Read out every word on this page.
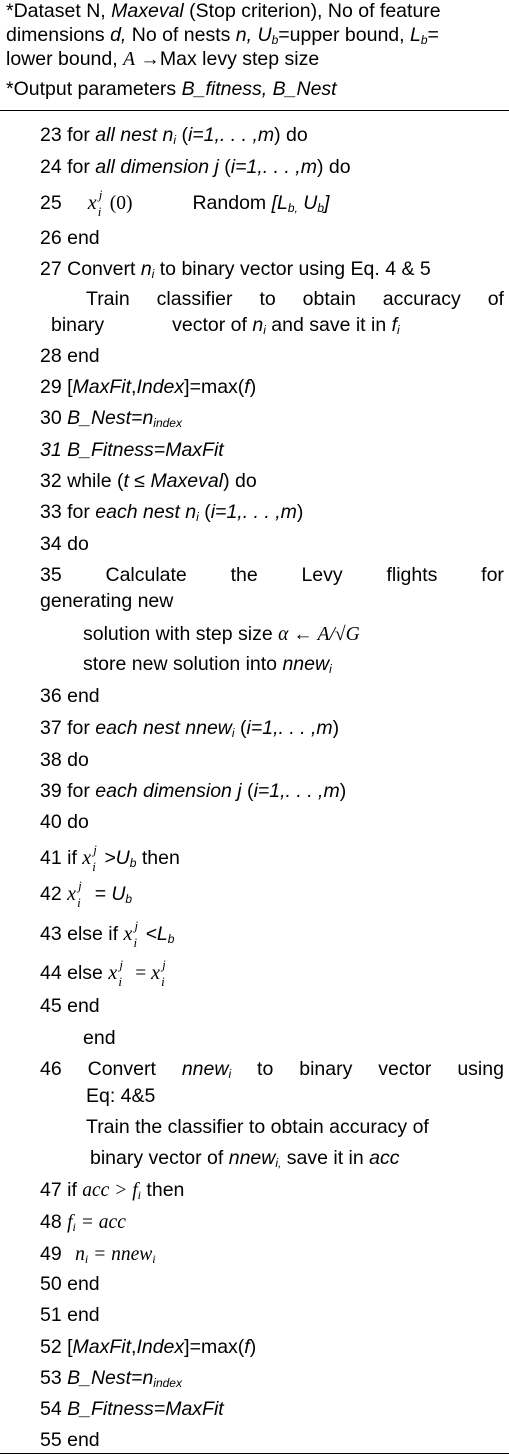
*Dataset N, Maxeval (Stop criterion), No of feature
dimensions d, No of nests n, $U_b=upper$ bound, $L_b=$
lower bound, A →Max levy step size
*Output parameters B_fitness, B_Nest
23 for all nest $n_i$ (i=1,. . . ,m) do
24 for all dimension j (i=1,. . . ,m) do
25 x j
i (0)	Random [$L_{b,}$ $U_b$]
26 end
27 Convert $n_i$ to binary vector using Eq. 4 & 5
Train classifier to obtain accuracy of
binary	vector of $n_i$ and save it in $f_i$
28 end
29 [MaxFit,Index]=max(f)
30 $B\_Nest=n_{index}$
31 B_Fitness=MaxFit
32 while (t ≤ Maxeval) do
33 for each nest $n_i$ (i=1,. . . ,m)
34 do
35 Calculate the Levy flights for
generating new
solution with step size α ← A/√G
store new solution into nnew$_i$
36 end
37 for each nest nnew$_i$ (i=1,. . . ,m)
38 do
39 for each dimension j (i=1,. . . ,m)
40 do
41 if x j
$i >U_b$ then
42 x j
$i = U_b$
43 else if x j
$i <L_b$
44 else x j
i = x j
i
45 end
end
46 Convert nnew$_i$ to binary vector using
Eq: 4&5
Train the classifier to obtain accuracy of
binary vector of nnew$_{i,}$ save it in acc
47 if acc > $f_i$ then
48 $f_i$ = acc
49 $n_i$ = nnew$_i$
50 end
51 end
52 [MaxFit,Index]=max(f)
53 $B\_Nest=n_{index}$
54 B_Fitness=MaxFit
55 end
